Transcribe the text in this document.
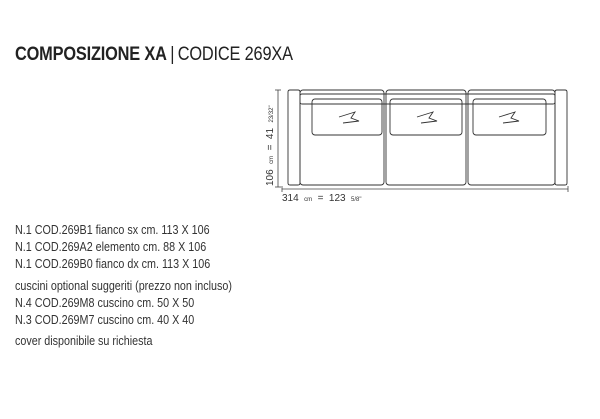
COMPOSIZIONE XA | CODICE 269XA
106 cm = 41 23/32"
314 cm = 123 5/8"
N.1 COD.269B1 fianco sx cm. 113 X 106
N.1 COD.269A2 elemento cm. 88 X 106
N.1 COD.269B0 fianco dx cm. 113 X 106
cuscini optional suggeriti (prezzo non incluso)
N.4 COD.269M8 cuscino cm. 50 X 50
N.3 COD.269M7 cuscino cm. 40 X 40
cover disponibile su richiesta
